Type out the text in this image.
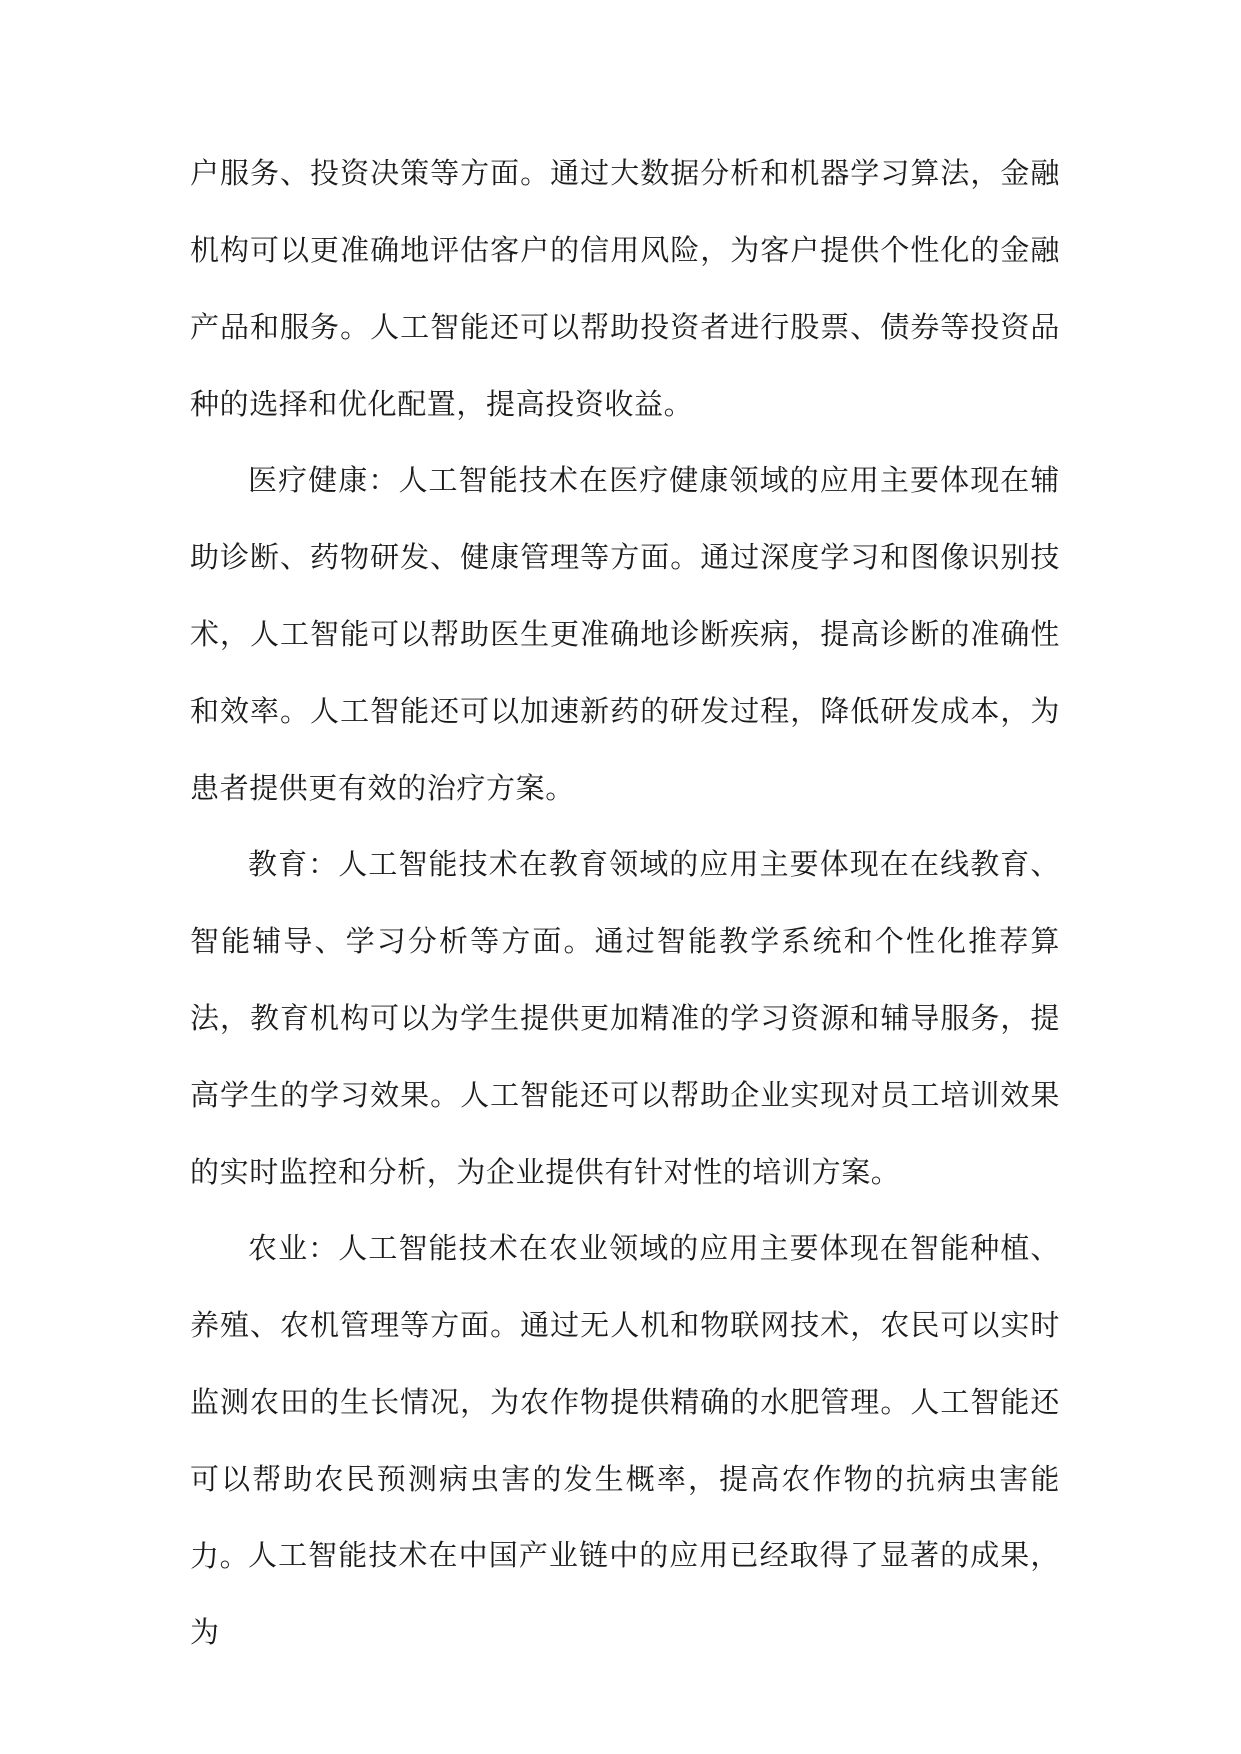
户服务、投资决策等方面。通过大数据分析和机器学习算法，金融机构可以更准确地评估客户的信用风险，为客户提供个性化的金融产品和服务。人工智能还可以帮助投资者进行股票、债券等投资品种的选择和优化配置，提高投资收益。

医疗健康：人工智能技术在医疗健康领域的应用主要体现在辅助诊断、药物研发、健康管理等方面。通过深度学习和图像识别技术，人工智能可以帮助医生更准确地诊断疾病，提高诊断的准确性和效率。人工智能还可以加速新药的研发过程，降低研发成本，为患者提供更有效的治疗方案。

教育：人工智能技术在教育领域的应用主要体现在在线教育、智能辅导、学习分析等方面。通过智能教学系统和个性化推荐算法，教育机构可以为学生提供更加精准的学习资源和辅导服务，提高学生的学习效果。人工智能还可以帮助企业实现对员工培训效果的实时监控和分析，为企业提供有针对性的培训方案。

农业：人工智能技术在农业领域的应用主要体现在智能种植、养殖、农机管理等方面。通过无人机和物联网技术，农民可以实时监测农田的生长情况，为农作物提供精确的水肥管理。人工智能还可以帮助农民预测病虫害的发生概率，提高农作物的抗病虫害能力。

人工智能技术在中国产业链中的应用已经取得了显著的成果，为
